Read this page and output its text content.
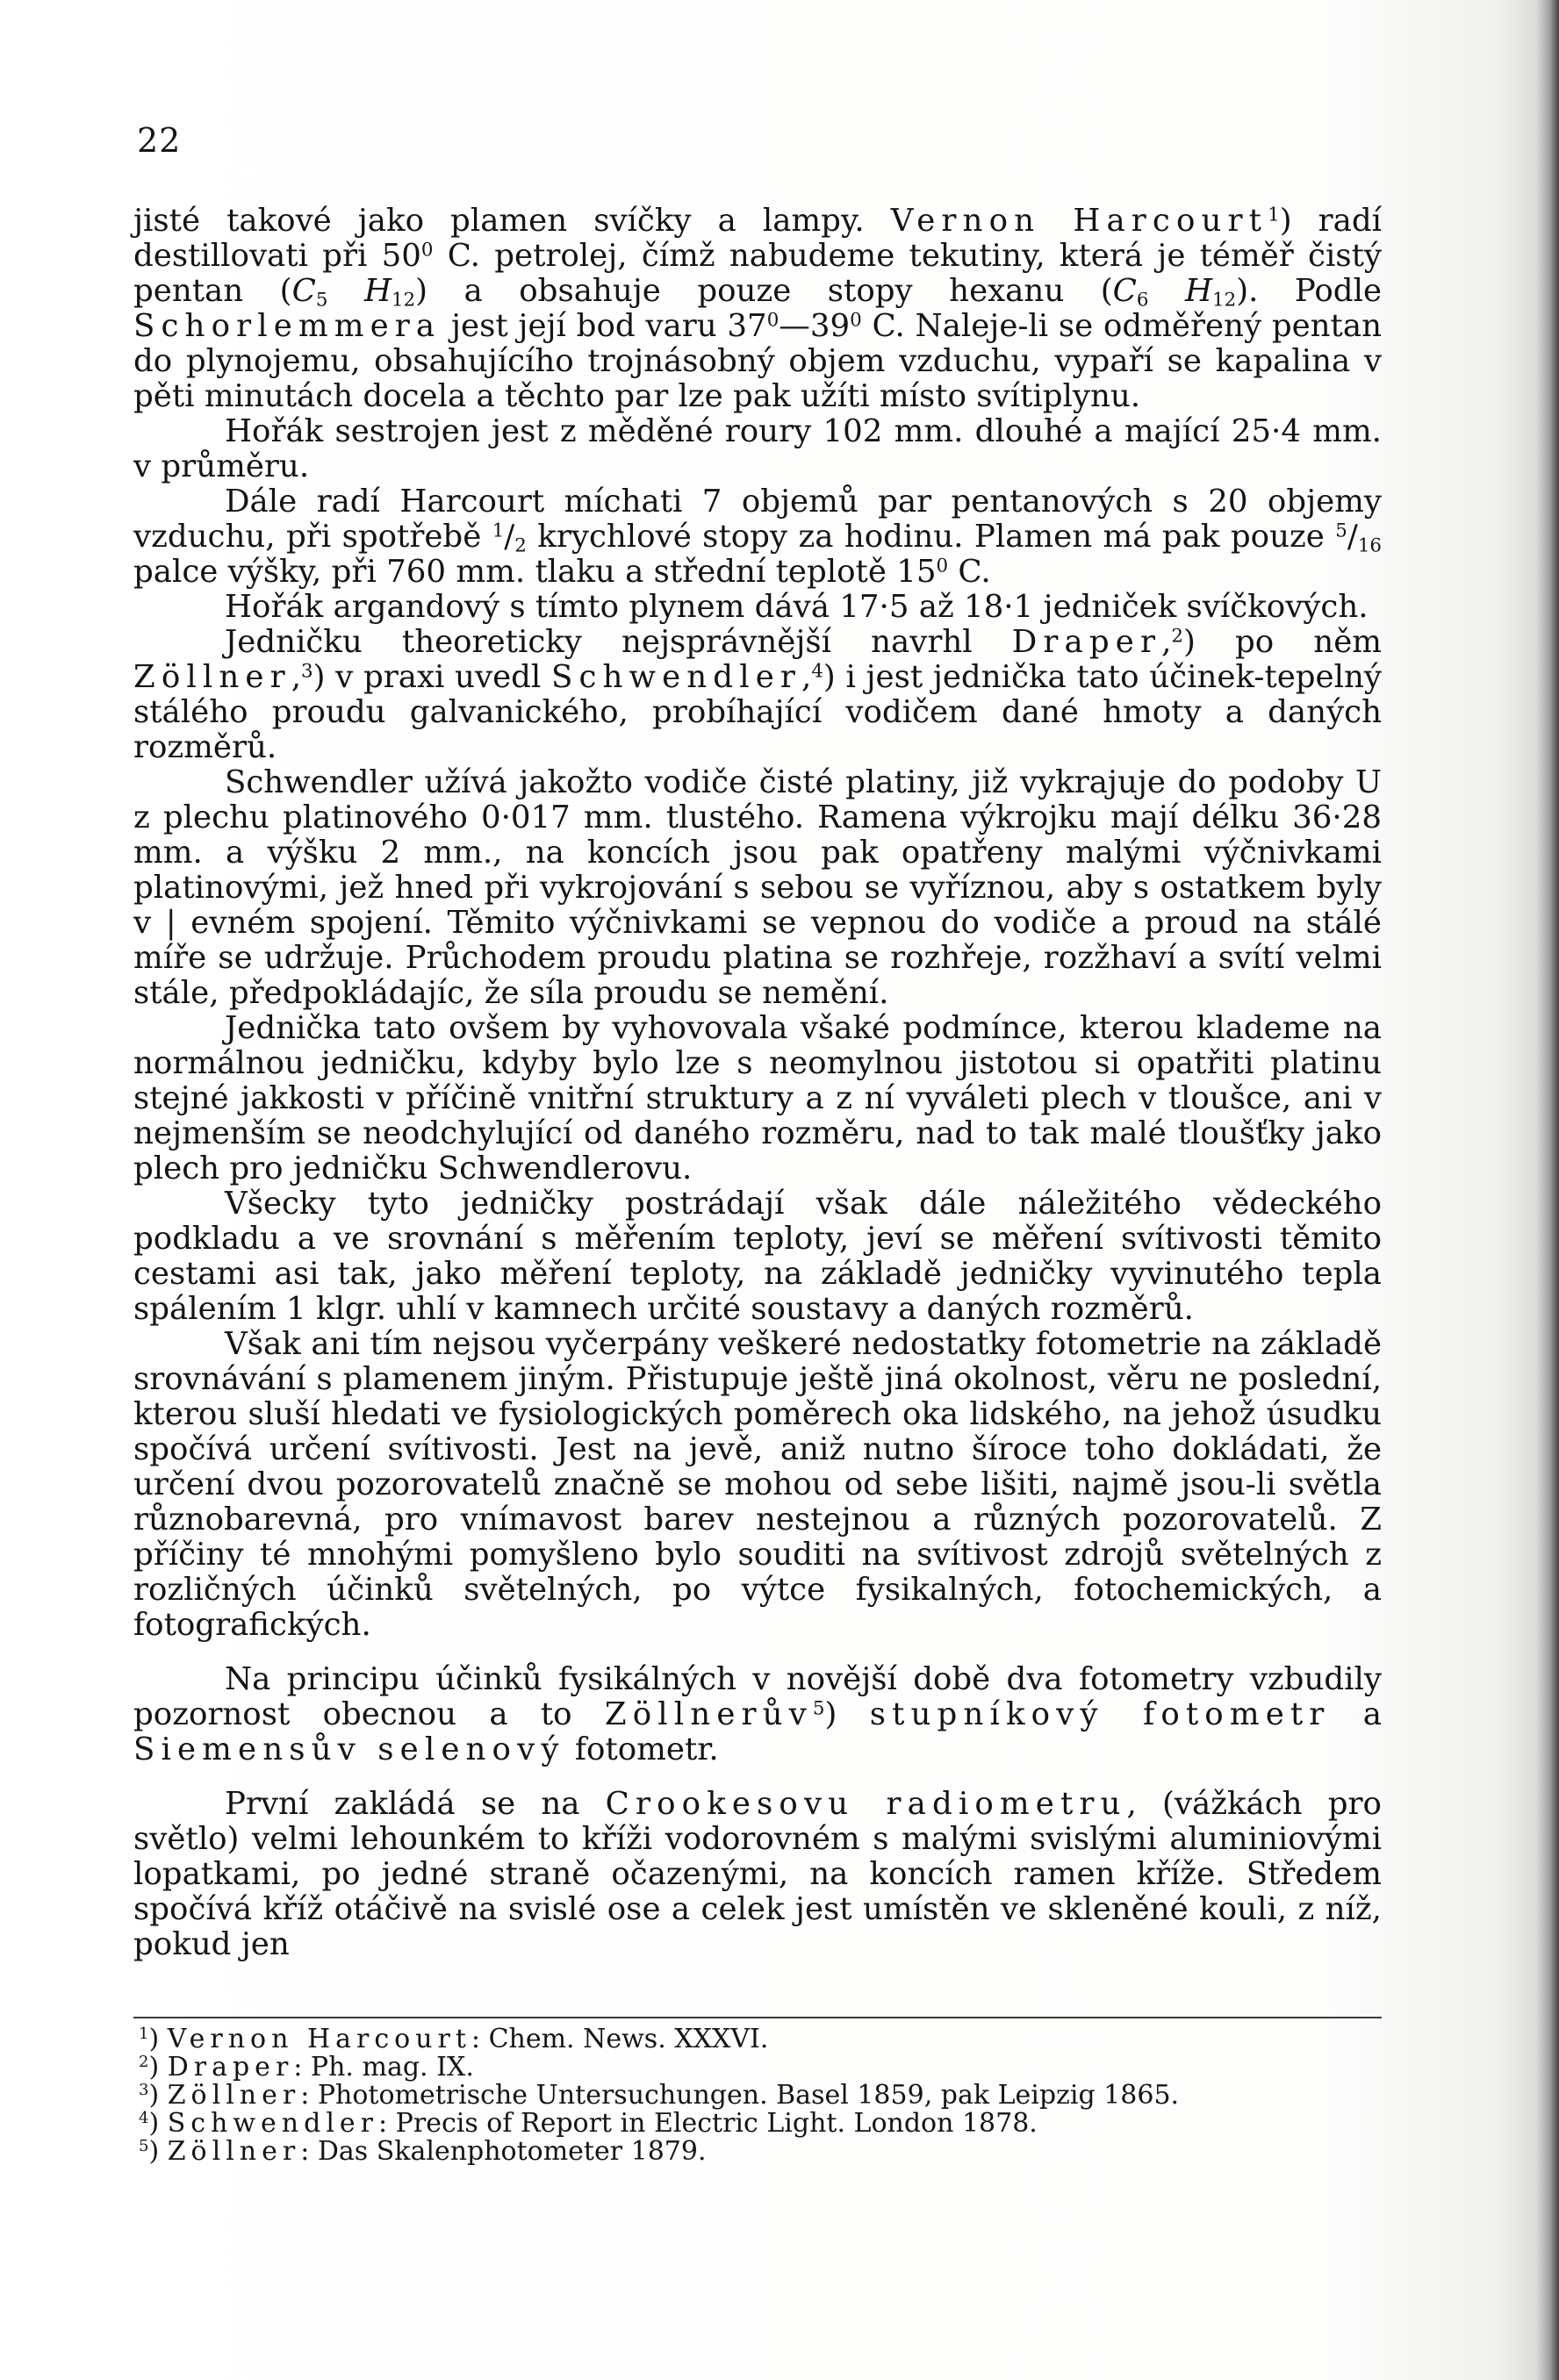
22

jisté takové jako plamen svíčky a lampy. Vernon Harcourt$^1$) radí destillovati při $50^0$ C. petrolej, čímž nabudeme tekutiny, která je téměř čistý pentan ($C_5$ $H_{12}$) a obsahuje pouze stopy hexanu ($C_6$ $H_{12}$). Podle Schorlemmera jest její bod varu $37^0—39^0$ C. Naleje-li se odměřený pentan do plynojemu, obsahujícího trojnásobný objem vzduchu, vypaří se kapalina v pěti minutách docela a těchto par lze pak užíti místo svítiplynu.

Hořák sestrojen jest z měděné roury 102 mm. dlouhé a mající 25·4 mm. v průměru.

Dále radí Harcourt míchati 7 objemů par pentanových s 20 objemy vzduchu, při spotřebě $^1/_2$ krychlové stopy za hodinu. Plamen má pak pouze $^5/_{16}$ palce výšky, při 760 mm. tlaku a střední teplotě $15^0$ C.

Hořák argandový s tímto plynem dává 17·5 až 18·1 jedniček svíčkových.

Jedničku theoreticky nejsprávnější navrhl Draper,$^2$) po něm Zöllner,$^3$) v praxi uvedl Schwendler,$^4$) i jest jednička tato účinek-tepelný stálého proudu galvanického, probíhající vodičem dané hmoty a daných rozměrů.

Schwendler užívá jakožto vodiče čisté platiny, již vykrajuje do podoby U z plechu platinového 0·017 mm. tlustého. Ramena výkrojku mají délku 36·28 mm. a výšku 2 mm., na koncích jsou pak opatřeny malými výčnivkami platinovými, jež hned při vykrojování s sebou se vyříznou, aby s ostatkem byly v | evném spojení. Těmito výčnivkami se vepnou do vodiče a proud na stálé míře se udržuje. Průchodem proudu platina se rozhřeje, rozžhaví a svítí velmi stále, předpokládajíc, že síla proudu se nemění.

Jednička tato ovšem by vyhovovala všaké podmínce, kterou klademe na normálnou jedničku, kdyby bylo lze s neomylnou jistotou si opatřiti platinu stejné jakkosti v příčině vnitřní struktury a z ní vyváleti plech v tloušce, ani v nejmenším se neodchylující od daného rozměru, nad to tak malé tloušťky jako plech pro jedničku Schwendlerovu.

Všecky tyto jedničky postrádají však dále náležitého vědeckého podkladu a ve srovnání s měřením teploty, jeví se měření svítivosti těmito cestami asi tak, jako měření teploty, na základě jedničky vyvinutého tepla spálením 1 klgr. uhlí v kamnech určité soustavy a daných rozměrů.

Však ani tím nejsou vyčerpány veškeré nedostatky fotometrie na základě srovnávání s plamenem jiným. Přistupuje ještě jiná okolnost, věru ne poslední, kterou sluší hledati ve fysiologických poměrech oka lidského, na jehož úsudku spočívá určení svítivosti. Jest na jevě, aniž nutno šíroce toho dokládati, že určení dvou pozorovatelů značně se mohou od sebe lišiti, najmě jsou-li světla různobarevná, pro vnímavost barev nestejnou a různých pozorovatelů. Z příčiny té mnohými pomyšleno bylo souditi na svítivost zdrojů světelných z rozličných účinků světelných, po výtce fysikalných, fotochemických, a fotografických.

Na principu účinků fysikálných v novější době dva fotometry vzbudily pozornost obecnou a to Zöllnerův$^5$) stupníkový fotometr a Siemensův selenový fotometr.

První zakládá se na Crookesovu radiometru, (vážkách pro světlo) velmi lehounkém to kříži vodorovném s malými svislými aluminiovými lopatkami, po jedné straně očazenými, na koncích ramen kříže. Středem spočívá kříž otáčivě na svislé ose a celek jest umístěn ve skleněné kouli, z níž, pokud jen

$^1$) Vernon Harcourt: Chem. News. XXXVI.
$^2$) Draper: Ph. mag. IX.
$^3$) Zöllner: Photometrische Untersuchungen. Basel 1859, pak Leipzig 1865.
$^4$) Schwendler: Precis of Report in Electric Light. London 1878.
$^5$) Zöllner: Das Skalenphotometer 1879.
